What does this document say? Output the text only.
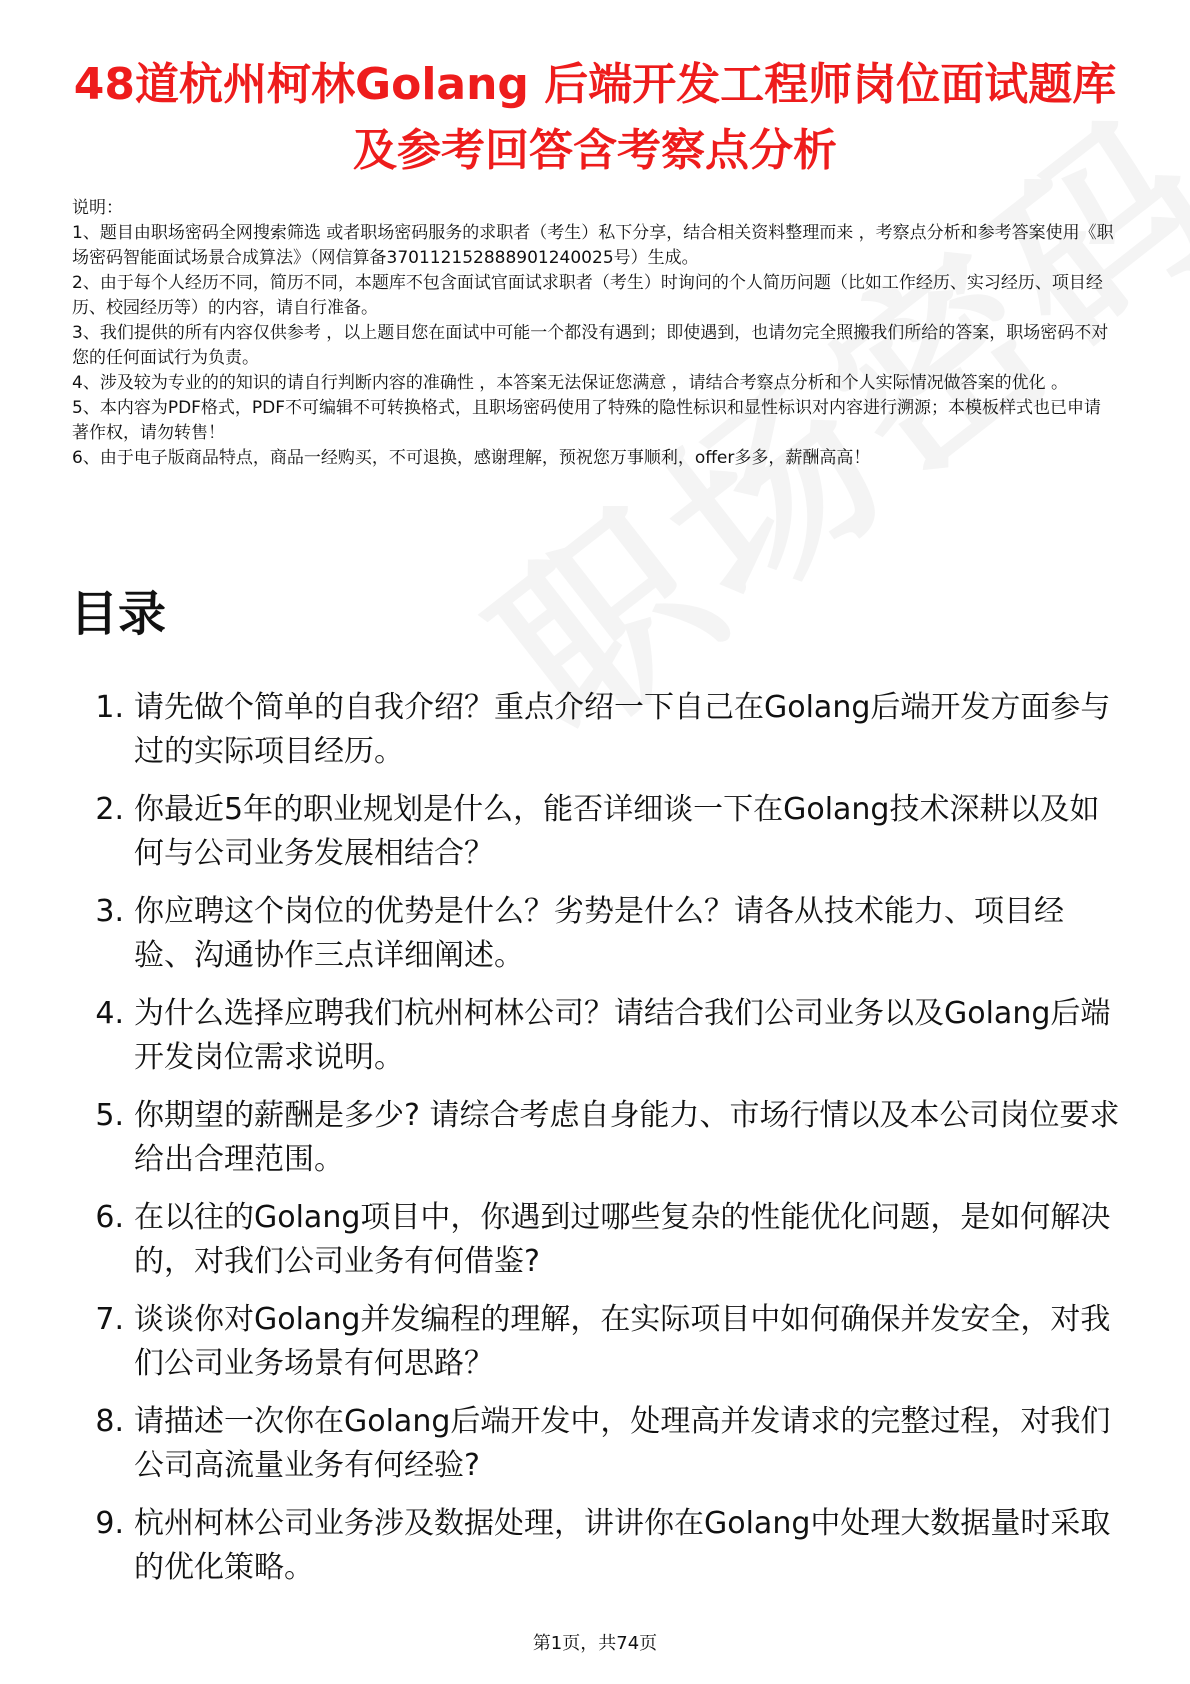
48道杭州柯林Golang 后端开发工程师岗位面试题库及参考回答含考察点分析

说明：

1、题目由职场密码全网搜索筛选 或者职场密码服务的求职者（考生）私下分享，结合相关资料整理而来 ，考察点分析和参考答案使用《职场密码智能面试场景合成算法》（网信算备370112152888901240025号）生成。

2、由于每个人经历不同，简历不同，本题库不包含面试官面试求职者（考生）时询问的个人简历问题（比如工作经历、实习经历、项目经历、校园经历等）的内容，请自行准备。

3、我们提供的所有内容仅供参考 ，以上题目您在面试中可能一个都没有遇到；即使遇到，也请勿完全照搬我们所给的答案，职场密码不对您的任何面试行为负责。

4、涉及较为专业的的知识的请自行判断内容的准确性 ，本答案无法保证您满意 ，请结合考察点分析和个人实际情况做答案的优化 。

5、本内容为PDF格式，PDF不可编辑不可转换格式，且职场密码使用了特殊的隐性标识和显性标识对内容进行溯源；本模板样式也已申请著作权，请勿转售！

6、由于电子版商品特点，商品一经购买，不可退换，感谢理解，预祝您万事顺利，offer多多，薪酬高高！

目录
1. 请先做个简单的自我介绍？重点介绍一下自己在Golang后端开发方面参与过的实际项目经历。
2. 你最近5年的职业规划是什么，能否详细谈一下在Golang技术深耕以及如何与公司业务发展相结合？
3. 你应聘这个岗位的优势是什么？劣势是什么？请各从技术能力、项目经验、沟通协作三点详细阐述。
4. 为什么选择应聘我们杭州柯林公司？请结合我们公司业务以及Golang后端开发岗位需求说明。
5. 你期望的薪酬是多少? 请综合考虑自身能力、市场行情以及本公司岗位要求给出合理范围。
6. 在以往的Golang项目中，你遇到过哪些复杂的性能优化问题，是如何解决的，对我们公司业务有何借鉴?
7. 谈谈你对Golang并发编程的理解，在实际项目中如何确保并发安全，对我们公司业务场景有何思路？
8. 请描述一次你在Golang后端开发中，处理高并发请求的完整过程，对我们公司高流量业务有何经验?
9. 杭州柯林公司业务涉及数据处理，讲讲你在Golang中处理大数据量时采取的优化策略。
第1页，共74页
